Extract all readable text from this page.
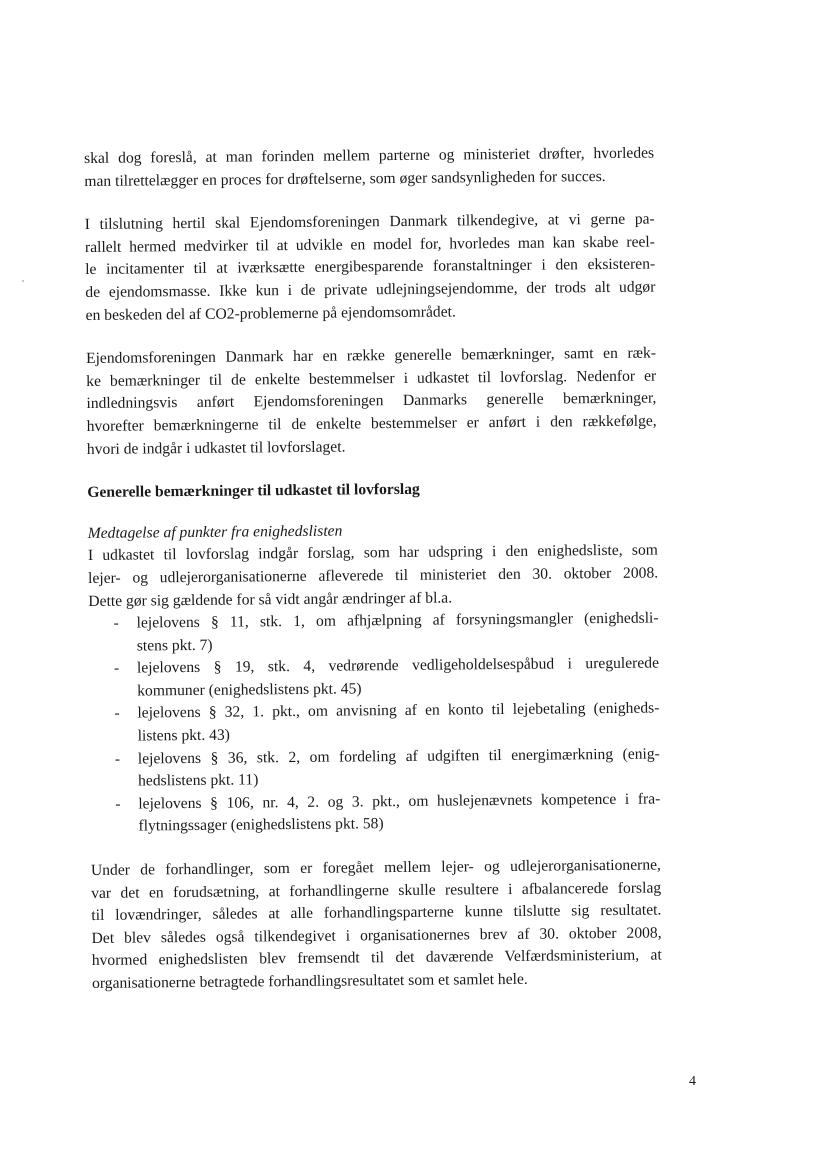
skal dog foreslå, at man forinden mellem parterne og ministeriet drøfter, hvorledes
man tilrettelægger en proces for drøftelserne, som øger sandsynligheden for succes.

I tilslutning hertil skal Ejendomsforeningen Danmark tilkendegive, at vi gerne pa-
rallelt hermed medvirker til at udvikle en model for, hvorledes man kan skabe reel-
le incitamenter til at iværksætte energibesparende foranstaltninger i den eksisteren-
de ejendomsmasse. Ikke kun i de private udlejningsejendomme, der trods alt udgør
en beskeden del af CO2-problemerne på ejendomsområdet.

Ejendomsforeningen Danmark har en række generelle bemærkninger, samt en ræk-
ke bemærkninger til de enkelte bestemmelser i udkastet til lovforslag. Nedenfor er
indledningsvis anført Ejendomsforeningen Danmarks generelle bemærkninger,
hvorefter bemærkningerne til de enkelte bestemmelser er anført i den rækkefølge,
hvori de indgår i udkastet til lovforslaget.

Generelle bemærkninger til udkastet til lovforslag
Medtagelse af punkter fra enighedslisten

I udkastet til lovforslag indgår forslag, som har udspring i den enighedsliste, som
lejer- og udlejerorganisationerne afleverede til ministeriet den 30. oktober 2008.
Dette gør sig gældende for så vidt angår ændringer af bl.a.

- lejelovens § 11, stk. 1, om afhjælpning af forsyningsmangler (enighedsli-
stens pkt. 7)
- lejelovens § 19, stk. 4, vedrørende vedligeholdelsespåbud i uregulerede
kommuner (enighedslistens pkt. 45)
- lejelovens § 32, 1. pkt., om anvisning af en konto til lejebetaling (enigheds-
listens pkt. 43)
- lejelovens § 36, stk. 2, om fordeling af udgiften til energimærkning (enig-
hedslistens pkt. 11)
- lejelovens § 106, nr. 4, 2. og 3. pkt., om huslejenævnets kompetence i fra-
flytningssager (enighedslistens pkt. 58)

Under de forhandlinger, som er foregået mellem lejer- og udlejerorganisationerne,
var det en forudsætning, at forhandlingerne skulle resultere i afbalancerede forslag
til lovændringer, således at alle forhandlingsparterne kunne tilslutte sig resultatet.
Det blev således også tilkendegivet i organisationernes brev af 30. oktober 2008,
hvormed enighedslisten blev fremsendt til det daværende Velfærdsministerium, at
organisationerne betragtede forhandlingsresultatet som et samlet hele.

4
